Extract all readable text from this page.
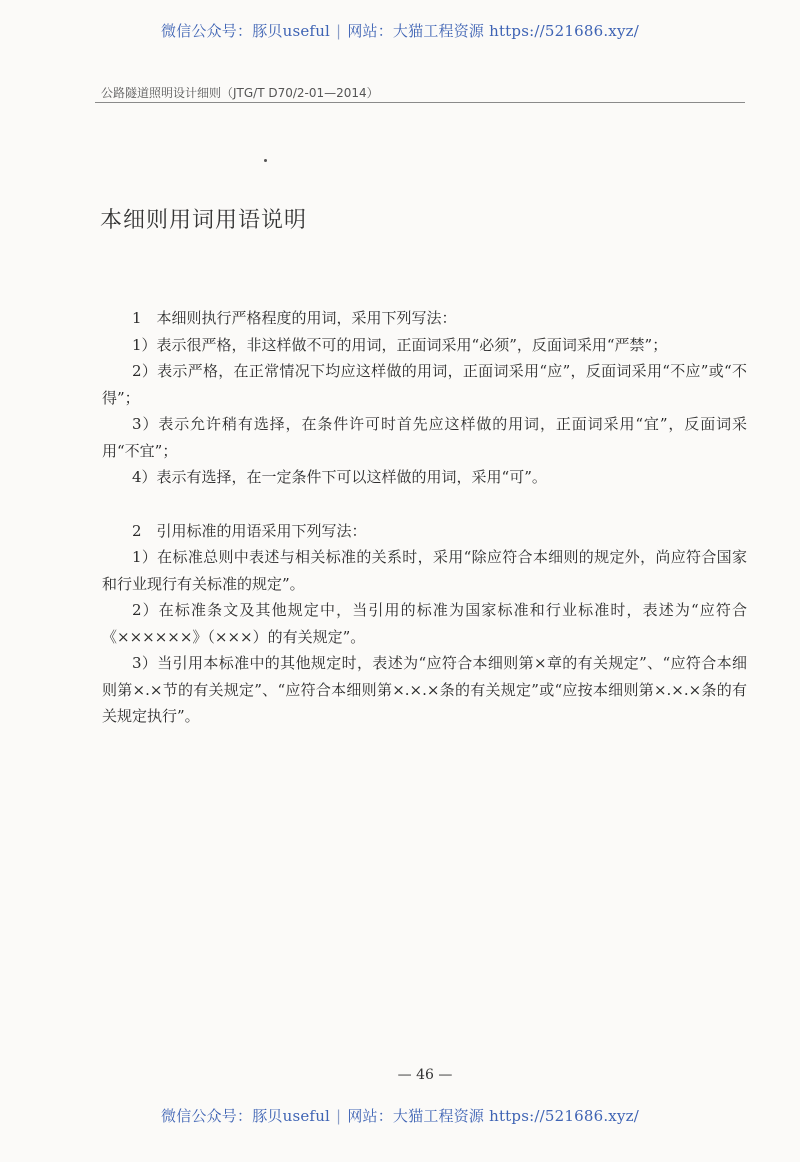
微信公众号：豚贝useful | 网站：大猫工程资源 https://521686.xyz/
公路隧道照明设计细则（JTG/T D70/2-01—2014）
本细则用词用语说明

1　本细则执行严格程度的用词，采用下列写法：

1）表示很严格，非这样做不可的用词，正面词采用“必须”，反面词采用“严禁”；

2）表示严格，在正常情况下均应这样做的用词，正面词采用“应”，反面词采用“不应”或“不得”；

3）表示允许稍有选择，在条件许可时首先应这样做的用词，正面词采用“宜”，反面词采用“不宜”；

4）表示有选择，在一定条件下可以这样做的用词，采用“可”。

2　引用标准的用语采用下列写法：

1）在标准总则中表述与相关标准的关系时，采用“除应符合本细则的规定外，尚应符合国家和行业现行有关标准的规定”。

2）在标准条文及其他规定中，当引用的标准为国家标准和行业标准时，表述为“应符合《××××××》（×××）的有关规定”。

3）当引用本标准中的其他规定时，表述为“应符合本细则第×章的有关规定”、“应符合本细则第×.×节的有关规定”、“应符合本细则第×.×.×条的有关规定”或“应按本细则第×.×.×条的有关规定执行”。

— 46 —
微信公众号：豚贝useful | 网站：大猫工程资源 https://521686.xyz/
